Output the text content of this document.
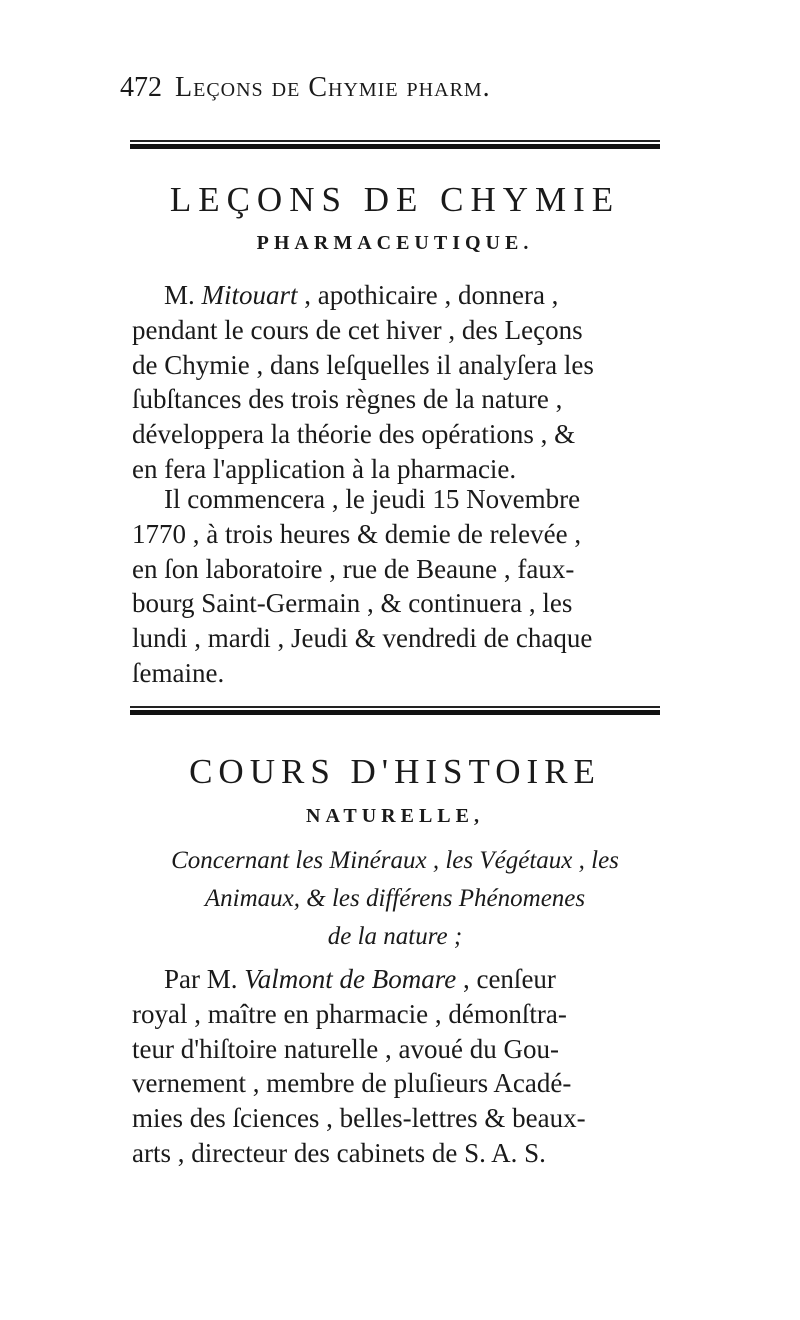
472 Leçons de Chymie pharm.
LEÇONS DE CHYMIE
PHARMACEUTIQUE.
M. Mitouart , apothicaire , donnera ,
pendant le cours de cet hiver , des Leçons
de Chymie , dans leſquelles il analyſera les
ſubſtances des trois règnes de la nature ,
développera la théorie des opérations , &
en fera l'application à la pharmacie.
Il commencera , le jeudi 15 Novembre
1770 , à trois heures & demie de relevée ,
en ſon laboratoire , rue de Beaune , faux-
bourg Saint-Germain , & continuera , les
lundi , mardi , Jeudi & vendredi de chaque
ſemaine.
COURS D'HISTOIRE
NATURELLE,
Concernant les Minéraux , les Végétaux , les
Animaux, & les différens Phénomenes
de la nature ;
Par M. Valmont de Bomare , cenſeur
royal , maître en pharmacie , démonſtra-
teur d'hiſtoire naturelle , avoué du Gou-
vernement , membre de pluſieurs Acadé-
mies des ſciences , belles-lettres & beaux-
arts , directeur des cabinets de S. A. S.
